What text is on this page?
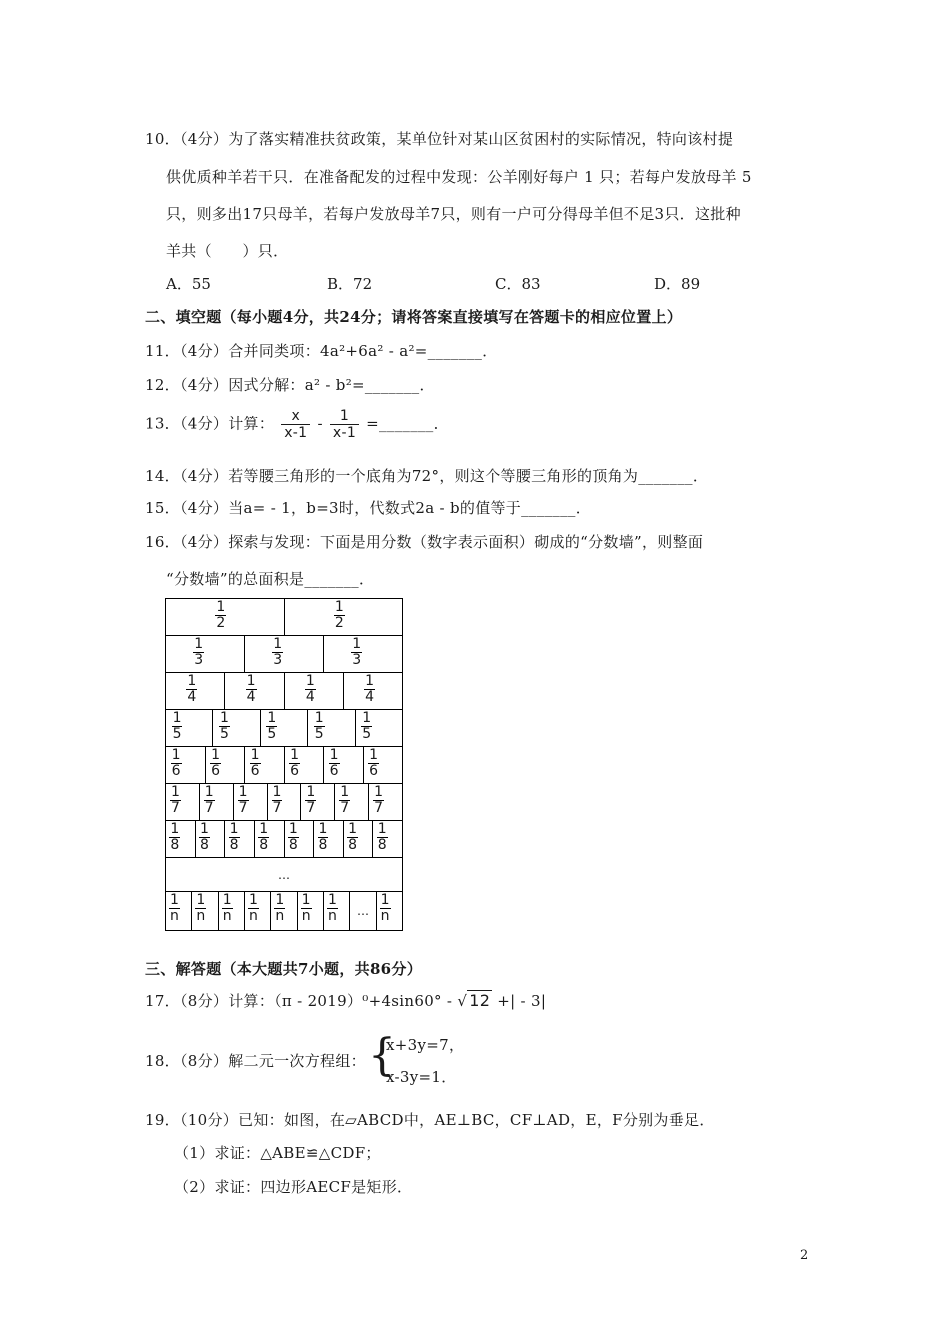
10．（4分）为了落实精准扶贫政策，某单位针对某山区贫困村的实际情况，特向该村提
供优质种羊若干只．在准备配发的过程中发现：公羊刚好每户 1 只；若每户发放母羊 5
只，则多出17只母羊，若每户发放母羊7只，则有一户可分得母羊但不足3只．这批种
羊共（　　）只．
A．55	B．72	C．83	D．89
二、填空题（每小题4分，共24分；请将答案直接填写在答题卡的相应位置上）
11．（4分）合并同类项：4a²+6a² - a²=_______．
12．（4分）因式分解：a² - b²=_______．
13．（4分）计算： $\frac{x}{x-1} - \frac{1}{x-1}$ =_______．
14．（4分）若等腰三角形的一个底角为72°，则这个等腰三角形的顶角为_______．
15．（4分）当a= - 1，b=3时，代数式2a - b的值等于_______．
16．（4分）探索与发现：下面是用分数（数字表示面积）砌成的“分数墙”，则整面
“分数墙”的总面积是_______．
$\frac{1}{2}$	$\frac{1}{2}$
$\frac{1}{3}$	$\frac{1}{3}$	$\frac{1}{3}$
$\frac{1}{4}$	$\frac{1}{4}$	$\frac{1}{4}$	$\frac{1}{4}$
$\frac{1}{5}$	$\frac{1}{5}$	$\frac{1}{5}$	$\frac{1}{5}$	$\frac{1}{5}$
$\frac{1}{6} \frac{1}{6} \frac{1}{6} \frac{1}{6} \frac{1}{6} \frac{1}{6}$
$\frac{1}{7} \frac{1}{7} \frac{1}{7} \frac{1}{7} \frac{1}{7} \frac{1}{7} \frac{1}{7}$
$\frac{1}{8} \frac{1}{8} \frac{1}{8} \frac{1}{8} \frac{1}{8} \frac{1}{8} \frac{1}{8} \frac{1}{8}$
…
$\frac{1}{n} \frac{1}{n} \frac{1}{n} \frac{1}{n} \frac{1}{n} \frac{1}{n} \frac{1}{n}$ … $\frac{1}{n}$
三、解答题（本大题共7小题，共86分）
17．（8分）计算：（π - 2019）⁰+4sin60° - √ 12 +| - 3|
18．（8分）解二元一次方程组： {
x+3y=7，
x-3y=1．
19．（10分）已知：如图，在▱ABCD中，AE⊥BC，CF⊥AD，E，F分别为垂足．
（1）求证：△ABE≌△CDF；
（2）求证：四边形AECF是矩形．
2
